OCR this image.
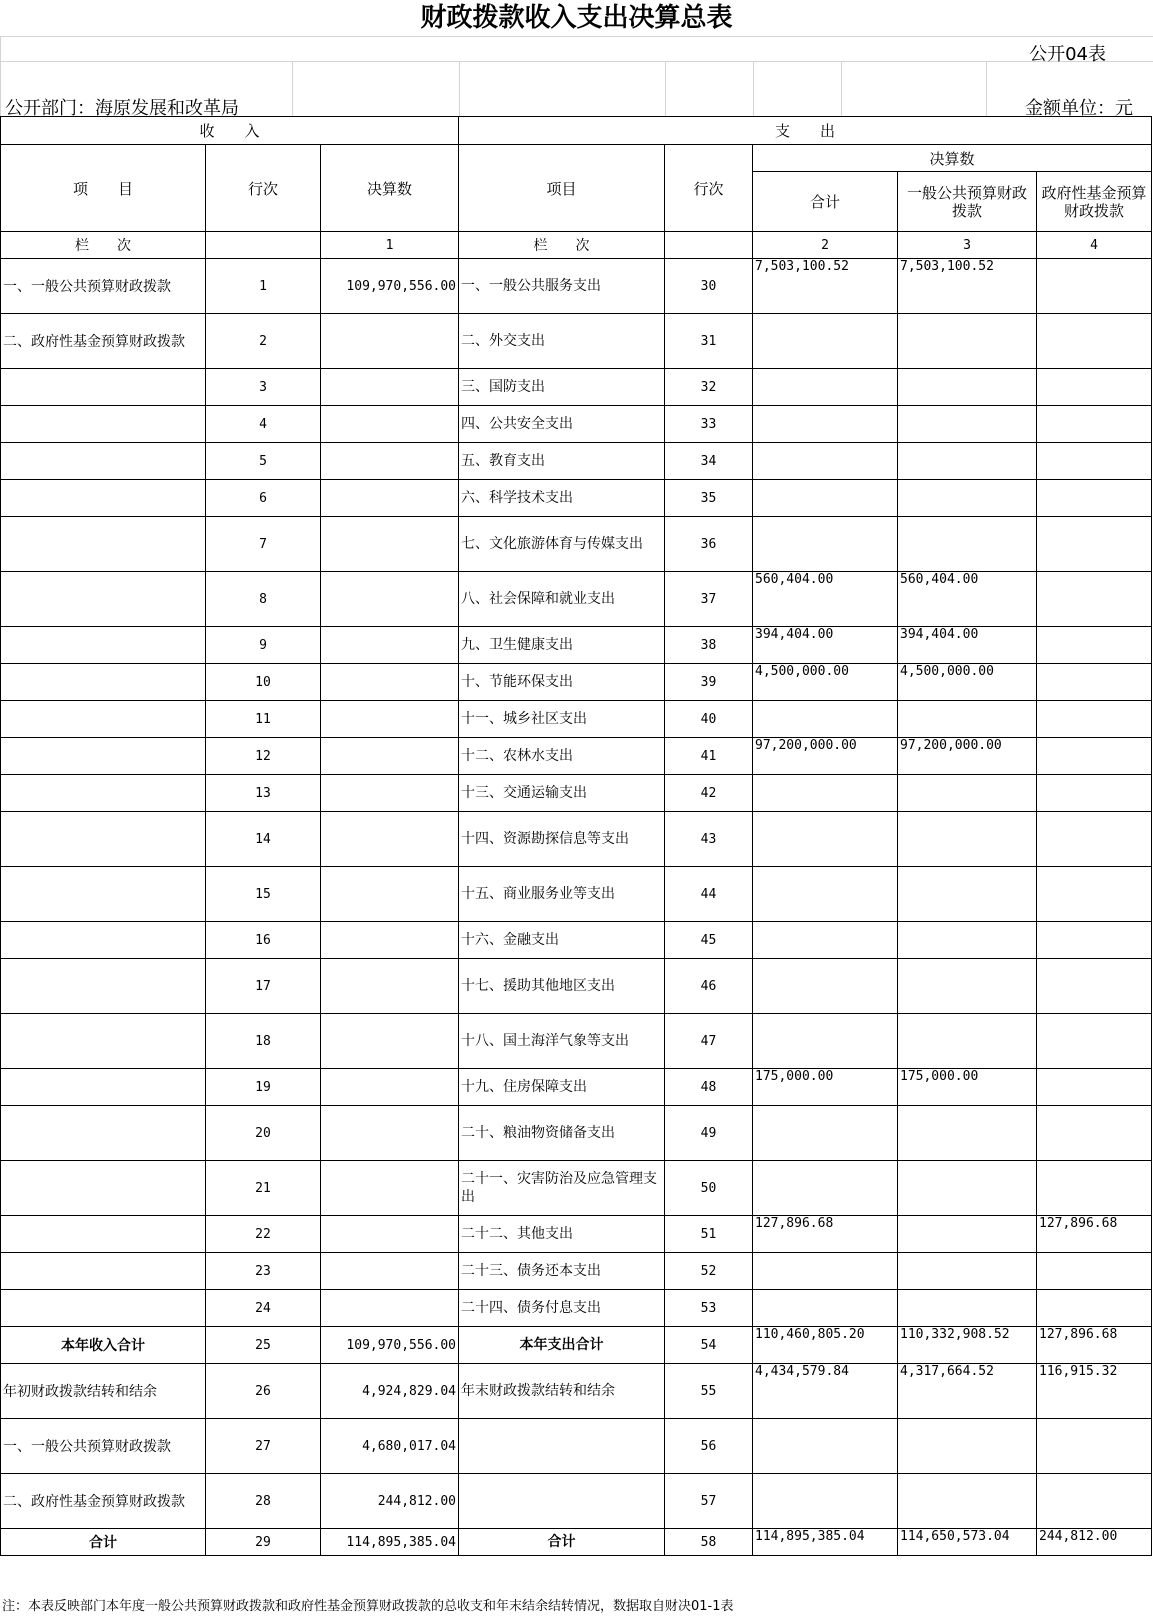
财政拨款收入支出决算总表
公开04表
公开部门：海原发展和改革局	金额单位：元
收　　入			支　　出				
项　　目	行次	决算数	项目	行次	决算数		
					合计	一般公共预算财政拨款	政府性基金预算财政拨款
栏　　次		1	栏　　次		2	3	4
一、一般公共预算财政拨款	1	109,970,556.00	一、一般公共服务支出	30	7,503,100.52	7,503,100.52	
二、政府性基金预算财政拨款	2		二、外交支出	31			
	3		三、国防支出	32			
	4		四、公共安全支出	33			
	5		五、教育支出	34			
	6		六、科学技术支出	35			
	7		七、文化旅游体育与传媒支出	36			
	8		八、社会保障和就业支出	37	560,404.00	560,404.00	
	9		九、卫生健康支出	38	394,404.00	394,404.00	
	10		十、节能环保支出	39	4,500,000.00	4,500,000.00	
	11		十一、城乡社区支出	40			
	12		十二、农林水支出	41	97,200,000.00	97,200,000.00	
	13		十三、交通运输支出	42			
	14		十四、资源勘探信息等支出	43			
	15		十五、商业服务业等支出	44			
	16		十六、金融支出	45			
	17		十七、援助其他地区支出	46			
	18		十八、国土海洋气象等支出	47			
	19		十九、住房保障支出	48	175,000.00	175,000.00	
	20		二十、粮油物资储备支出	49			
	21		二十一、灾害防治及应急管理支出	50			
	22		二十二、其他支出	51	127,896.68		127,896.68
	23		二十三、债务还本支出	52			
	24		二十四、债务付息支出	53			
本年收入合计	25	109,970,556.00	本年支出合计	54	110,460,805.20	110,332,908.52	127,896.68
年初财政拨款结转和结余	26	4,924,829.04	年末财政拨款结转和结余	55	4,434,579.84	4,317,664.52	116,915.32
一、一般公共预算财政拨款	27	4,680,017.04		56			
二、政府性基金预算财政拨款	28	244,812.00		57			
合计	29	114,895,385.04	合计	58	114,895,385.04	114,650,573.04	244,812.00
注：本表反映部门本年度一般公共预算财政拨款和政府性基金预算财政拨款的总收支和年末结余结转情况，数据取自财决01-1表
